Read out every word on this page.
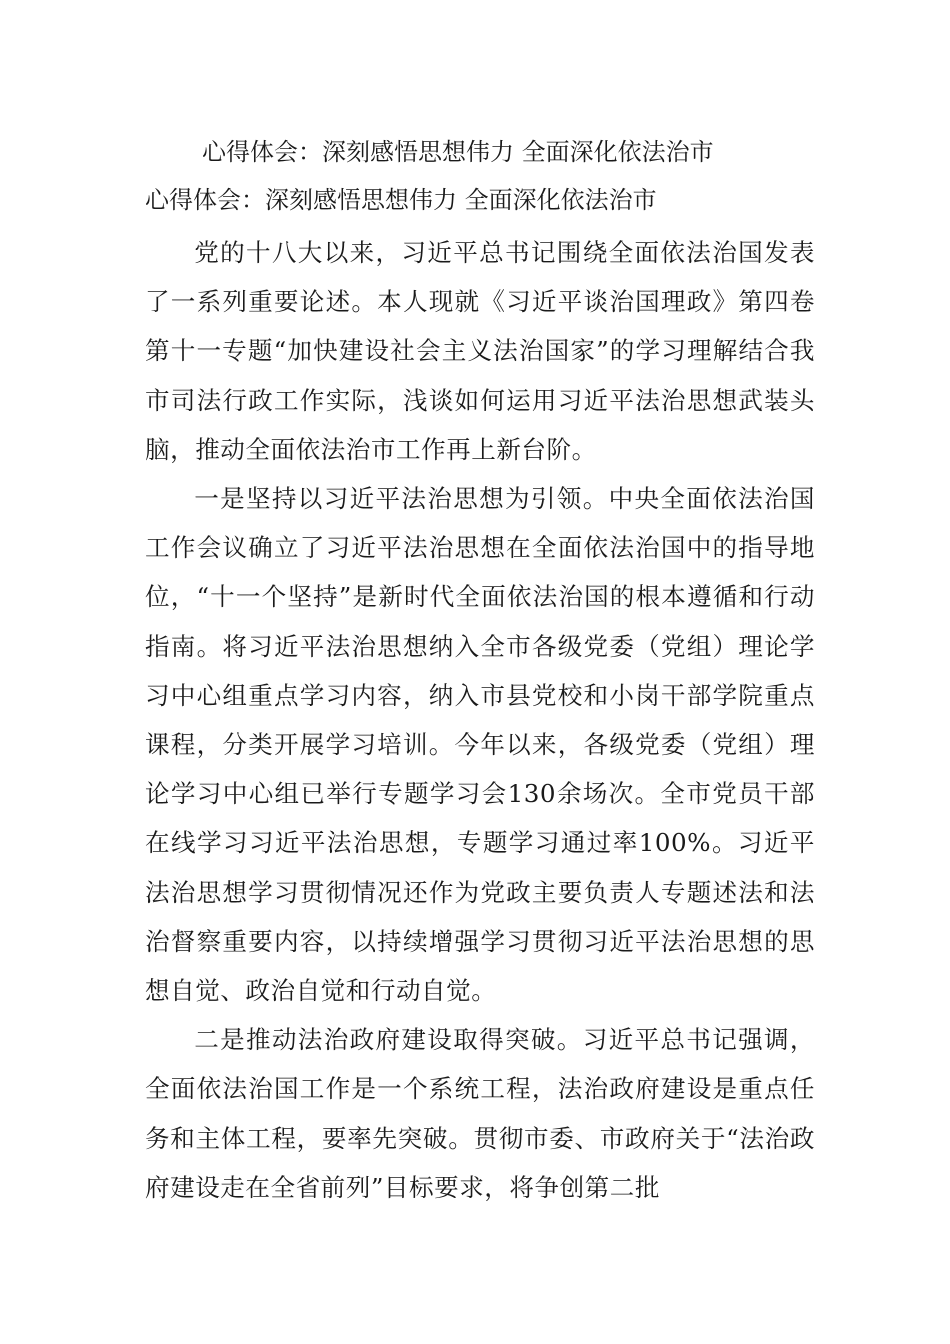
心得体会：深刻感悟思想伟力 全面深化依法治市
心得体会：深刻感悟思想伟力 全面深化依法治市

党的十八大以来，习近平总书记围绕全面依法治国发表了一系列重要论述。本人现就《习近平谈治国理政》第四卷第十一专题“加快建设社会主义法治国家”的学习理解结合我市司法行政工作实际，浅谈如何运用习近平法治思想武装头脑，推动全面依法治市工作再上新台阶。

一是坚持以习近平法治思想为引领。中央全面依法治国工作会议确立了习近平法治思想在全面依法治国中的指导地位，“十一个坚持”是新时代全面依法治国的根本遵循和行动指南。将习近平法治思想纳入全市各级党委（党组）理论学习中心组重点学习内容，纳入市县党校和小岗干部学院重点课程，分类开展学习培训。今年以来，各级党委（党组）理论学习中心组已举行专题学习会130余场次。全市党员干部在线学习习近平法治思想，专题学习通过率100%。习近平法治思想学习贯彻情况还作为党政主要负责人专题述法和法治督察重要内容，以持续增强学习贯彻习近平法治思想的思想自觉、政治自觉和行动自觉。

二是推动法治政府建设取得突破。习近平总书记强调，全面依法治国工作是一个系统工程，法治政府建设是重点任务和主体工程，要率先突破。贯彻市委、市政府关于“法治政府建设走在全省前列”目标要求，将争创第二批
